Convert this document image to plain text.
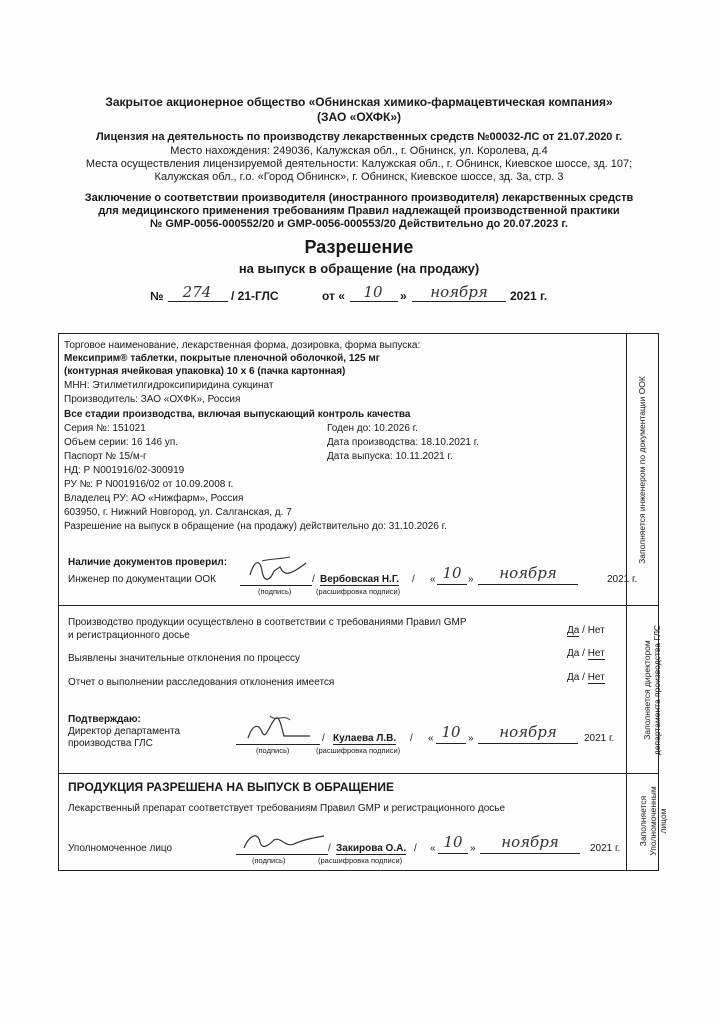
Закрытое акционерное общество «Обнинская химико-фармацевтическая компания»
(ЗАО «ОХФК»)
Лицензия на деятельность по производству лекарственных средств №00032-ЛС от 21.07.2020 г.
Место нахождения: 249036, Калужская обл., г. Обнинск, ул. Королева, д.4
Места осуществления лицензируемой деятельности: Калужская обл., г. Обнинск, Киевское шоссе, зд. 107;
Калужская обл., г.о. «Город Обнинск», г. Обнинск, Киевское шоссе, зд. 3а, стр. 3
Заключение о соответствии производителя (иностранного производителя) лекарственных средств
для медицинского применения требованиям Правил надлежащей производственной практики
№ GMP-0056-000552/20 и GMP-0056-000553/20 Действительно до 20.07.2023 г.
Разрешение
на выпуск в обращение (на продажу)
№	274	/ 21-ГЛС	от «	10	»	ноября	2021 г.
Торговое наименование, лекарственная форма, дозировка, форма выпуска:
Мексиприм® таблетки, покрытые пленочной оболочкой, 125 мг
(контурная ячейковая упаковка) 10 х 6 (пачка картонная)
МНН: Этилметилгидроксипиридина сукцинат
Производитель: ЗАО «ОХФК», Россия
Все стадии производства, включая выпускающий контроль качества
Серия №: 151021	Годен до: 10.2026 г.
Объем серии: 16 146 уп.	Дата производства: 18.10.2021 г.
Паспорт № 15/м-г	Дата выпуска: 10.11.2021 г.
НД: Р N001916/02-300919
РУ №: Р N001916/02 от 10.09.2008 г.
Владелец РУ: АО «Нижфарм», Россия
603950, г. Нижний Новгород, ул. Салганская, д. 7
Разрешение на выпуск в обращение (на продажу) действительно до: 31.10.2026 г.
Наличие документов проверил:
Инженер по документации ООК
(подпись)
/ Вербовская Н.Г. /
(расшифровка подписи)
« 10 »	ноября	2021 г.
Заполняется инженером по документации ООК
Производство продукции осуществлено в соответствии с требованиями Правил GMP
и регистрационного досье	Да / Нет
Выявлены значительные отклонения по процессу	Да / Нет
Отчет о выполнении расследования отклонения имеется	Да / Нет
Подтверждаю:
Директор департамента
производства ГЛС
(подпись)
/ Кулаева Л.В. /
(расшифровка подписи)
« 10 »	ноября	2021 г.	Заполняется директором департамента производства ГЛС
ПРОДУКЦИЯ РАЗРЕШЕНА НА ВЫПУСК В ОБРАЩЕНИЕ
Лекарственный препарат соответствует требованиям Правил GMP и регистрационного досье
Уполномоченное лицо
(подпись)
/ Закирова О.А. /
(расшифровка подписи)
« 10 »	ноября	2021 г.
Заполняется Уполномоченным лицом
